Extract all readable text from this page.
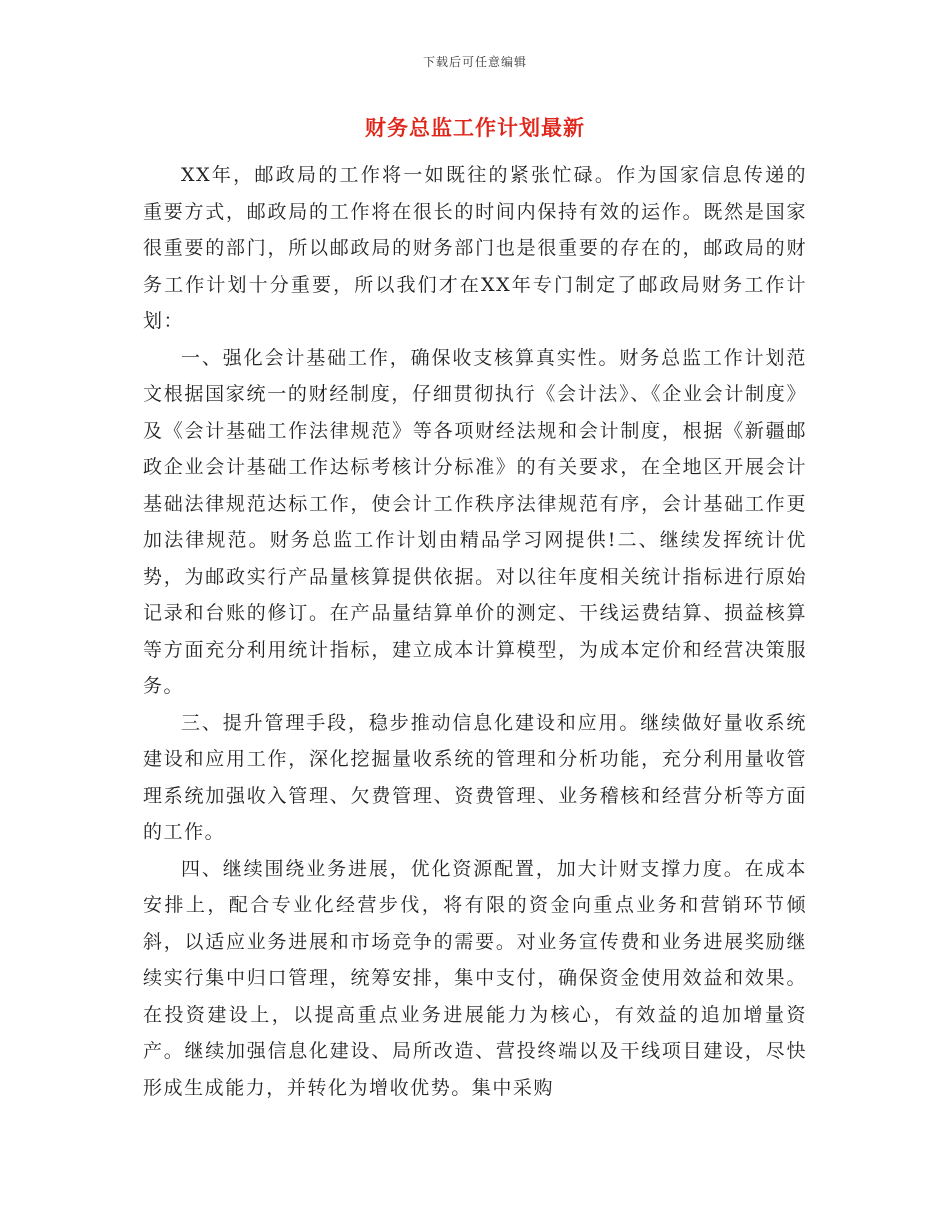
下载后可任意编辑
财务总监工作计划最新

XX年，邮政局的工作将一如既往的紧张忙碌。作为国家信息传递的重要方式，邮政局的工作将在很长的时间内保持有效的运作。既然是国家很重要的部门，所以邮政局的财务部门也是很重要的存在的，邮政局的财务工作计划十分重要，所以我们才在XX年专门制定了邮政局财务工作计划：

一、强化会计基础工作，确保收支核算真实性。财务总监工作计划范文根据国家统一的财经制度，仔细贯彻执行《会计法》、《企业会计制度》及《会计基础工作法律规范》等各项财经法规和会计制度，根据《新疆邮政企业会计基础工作达标考核计分标准》的有关要求，在全地区开展会计基础法律规范达标工作，使会计工作秩序法律规范有序，会计基础工作更加法律规范。财务总监工作计划由精品学习网提供!二、继续发挥统计优势，为邮政实行产品量核算提供依据。对以往年度相关统计指标进行原始记录和台账的修订。在产品量结算单价的测定、干线运费结算、损益核算等方面充分利用统计指标，建立成本计算模型，为成本定价和经营决策服务。

三、提升管理手段，稳步推动信息化建设和应用。继续做好量收系统建设和应用工作，深化挖掘量收系统的管理和分析功能，充分利用量收管理系统加强收入管理、欠费管理、资费管理、业务稽核和经营分析等方面的工作。

四、继续围绕业务进展，优化资源配置，加大计财支撑力度。在成本安排上，配合专业化经营步伐，将有限的资金向重点业务和营销环节倾斜，以适应业务进展和市场竞争的需要。对业务宣传费和业务进展奖励继续实行集中归口管理，统筹安排，集中支付，确保资金使用效益和效果。在投资建设上，以提高重点业务进展能力为核心，有效益的追加增量资产。继续加强信息化建设、局所改造、营投终端以及干线项目建设，尽快形成生成能力，并转化为增收优势。集中采购
